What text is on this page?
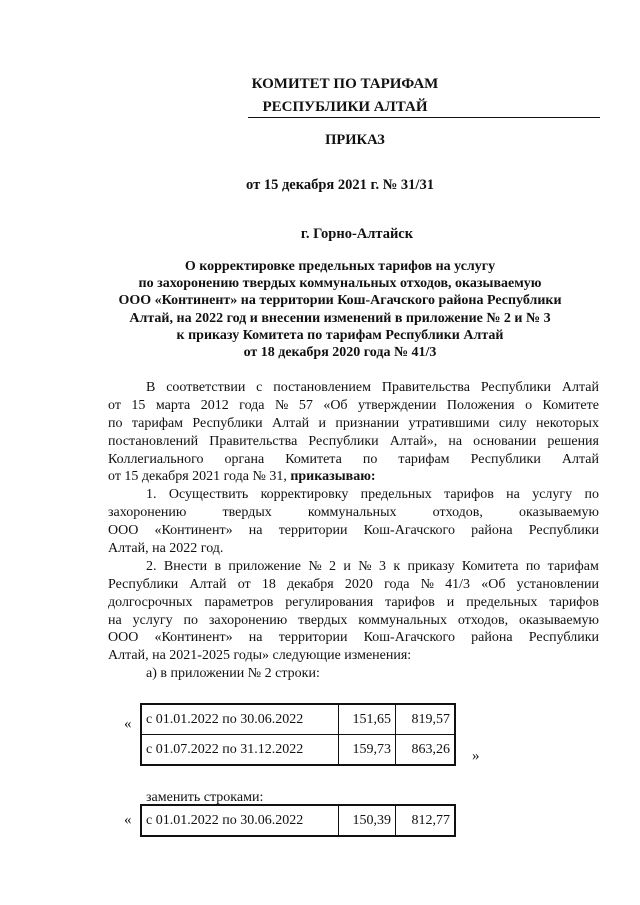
КОМИТЕТ ПО ТАРИФАМ
РЕСПУБЛИКИ АЛТАЙ
ПРИКАЗ
от 15 декабря 2021 г. № 31/31
г. Горно-Алтайск
О корректировке предельных тарифов на услугу
по захоронению твердых коммунальных отходов, оказываемую
ООО «Континент» на территории Кош-Агачского района Республики
Алтай, на 2022 год и внесении изменений в приложение № 2 и № 3
к приказу Комитета по тарифам Республики Алтай
от 18 декабря 2020 года № 41/3
В соответствии с постановлением Правительства Республики Алтай
от 15 марта 2012 года № 57 «Об утверждении Положения о Комитете
по тарифам Республики Алтай и признании утратившими силу некоторых
постановлений Правительства Республики Алтай», на основании решения
Коллегиального органа Комитета по тарифам Республики Алтай
от 15 декабря 2021 года № 31, приказываю:
1. Осуществить корректировку предельных тарифов на услугу по
захоронению	твердых	коммунальных	отходов,	оказываемую
ООО «Континент» на территории Кош-Агачского района Республики
Алтай, на 2022 год.
2. Внести в приложение № 2 и № 3 к приказу Комитета по тарифам
Республики Алтай от 18 декабря 2020 года № 41/3 «Об установлении
долгосрочных параметров регулирования тарифов и предельных тарифов
на услугу по захоронению твердых коммунальных отходов, оказываемую
ООО «Континент» на территории Кош-Агачского района Республики
Алтай, на 2021-2025 годы» следующие изменения:
а) в приложении № 2 строки:
« с 01.01.2022 по 30.06.2022	151,65	819,57
с 01.07.2022 по 31.12.2022	159,73	863,26 »
заменить строками:
« с 01.01.2022 по 30.06.2022	150,39	812,77
